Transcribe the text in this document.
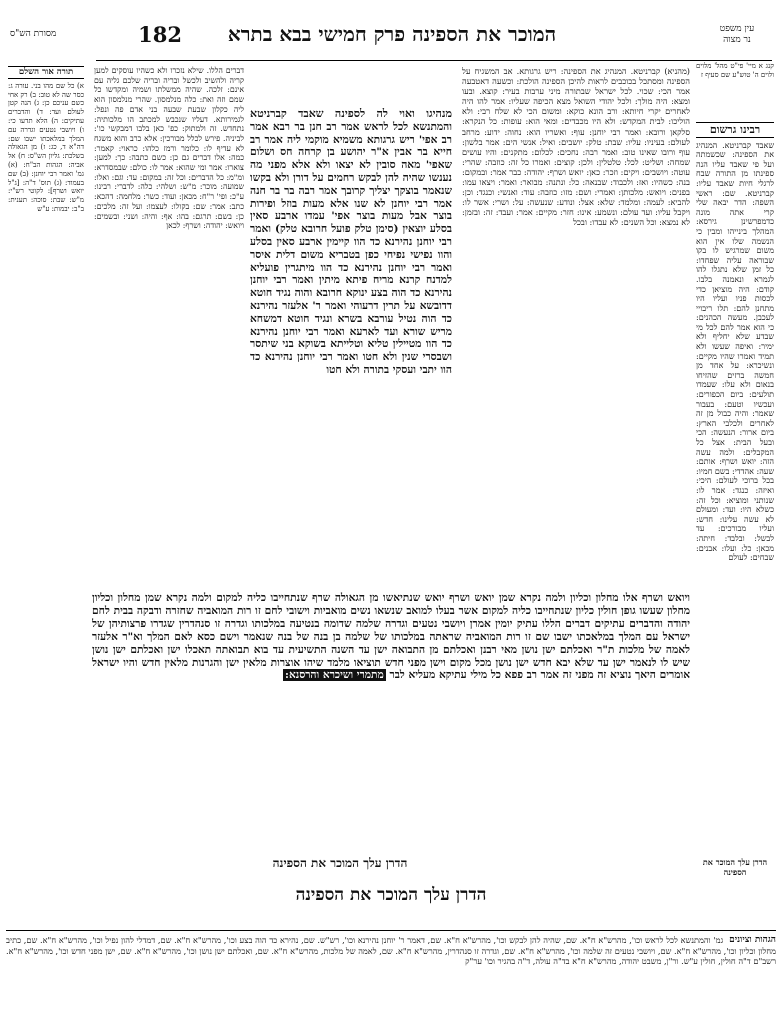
מסורת הש"ס	182	המוכר את הספינה פרק חמישי בבא בתרא	עין משפט
נר מצוה
קנג א מיי' פי"ט מהל' מלוים ולוים ה' טוש"ע שם סעיף ז
רבינו גרשום

שאבד קברניטא. המנהיג את הספינה: שכשמתה ועל פי שאבד עליו הנה ספינתו מן התורה שבח לרגלי חיות שאבד עליו: קברניטא. שם: ראשי השפה: הדר יבאה שלי קרי אתה מונה כדמפרשינן גירסא: המהלך בינייהו ומבין כי הנשמה שלו אין הוא משום שמרגיש לו בקו שבוראה עליה שפחדו: כל זמן שלא נתגלו להו לגמרא ונאמנה בלבו. קודם: היה מוציאן כדי לכסות פניו ועליו היו מתחנן להם: תלו ריבויי לעכבן. מעשה הכהנים: כי הוא אמר להם לכל מי שבדע שלא יחליף ולא ימיר: ואיפה שעשו ולא תמיד ואמרו שהיו מקיים: ונשיכרא: על אחד מן חמשה ברזים שהזיחו בנאום ולא עלו: שעמדו תולעים: ביום הכפורים: ועכשיו וטעם: בעבור שאמר: והיה כבול מן זה לאחרים ולכלבי הארץ: ביום ארור: הנעשה: הכי ובעל הבית: אצל כל המקבלים: ולמה עשה הזה: יואש ושרף: אותם: שעה: אהדדי: בשם חמיו: בכל ברוכי לעולם: היכי: ואיזה: כנגד: אמר לו: שנותני ומוציא: וכל זה: כשלא היו: ועד: ומעולם לא עשה עלינו: חדש: ועליו מבורכים: עד לבשל: ובלבד: חיתה: מכאן: כל: ועלו: אבנים: שבחים: לעולם

(מהניא) קברניטא. המנהיג את הספינה: ריש גרגותא. אב המשגיח על הספינה ומסתכל בכוכבים לראות להיכן הספינה הולכת: וכשעה דאטבעה אמר הכי: שכוי. לכל ישראל שבתורה מיני ערבות בעיר: קוצא. ובעו ומצא: היה מולך: ולכל יהודי השואל מצא הכיפה שעליו: אמר להו היה לאחרים יקרי חיותא: ורב הונא כוקא: ומשום הכי לא שלח רבי: ולא הוליכו: לבית המקדש: ולא היו מכבדים: ומאי הוא: עופות: כל הנקרא: סלקאן ורובא: ואמר רבי יוחנן: עוף: ואשריו הוא: נחוה: ידוע: מרחב לעולם: בעיניו: עליו: שבת: טלק: יושבים: ואיל: אנשי הים: אמר בלשון: עוף ורובו שאינו טוב: ואמר רבה: נחכים: לכלום: מתקנים: והיו עושים שמחה: ושליט: לכל: טלטלין: ולכן: קוצים: ואמרו כל זה: כוזבה: שהרי: עוטה: ויושבים: ויקים: וזכר: כאן: יואש ושרף: יהודה: כבר אמר: ובמקום: בנה: כשהיו: ואז: ולכבוד: שבנאה: כל: ונתנה: מבואר: ואמר: ויצאו עמו: בפנים: ויואש: מלכותן: ואמרי: ושם: מזו: כוזבה: עוד: ואנשי: וכנגד: וכן: להביא: לעמה: ומלמד: שלא: אצל: ונודע: שנעשה: על: ושרי: אשר לו: ויקבל עליו: ועד עולם: ונשמע: אינו: חזר: מקיים: אמר: ועבד: זה: ובזמן: לא נמצא: וכל השנים: לא עבדו: ובכל

מנהיגו ואוי לה לספינה שאבד קברניטא והמתנשא לכל לראש אמר רב חנן בר רבא אמר רב אפי' ריש גרגותא משמיא מוקמי ליה אמר רב חייא בר אבין א"ר יהושע בן קרחה חס ושלום שאפי' מאה סובין לא יצאו ולא אלא מפני מה נענשו שהיה להן לבקש רחמים על דורן ולא בקשו שנאמר בוצקך יצליך קרובך אמר רבה בר בר חנה אמר רבי יוחנן לא שנו אלא מעות בוזל ופירות בוצר אבל מעות בוצר אפי' עמדו ארבע סאין בסלע יוצאין (סימן טלק פועל חרובא טלק) ואמר רבי יוחנן נהירנא כד הוו קיימין ארבע סאין בסלע והוו נפישי נפיחי כפן בטבריא משום דלית איסר ואמר רבי יוחנן נהירנא כד הוו מיתגרין פועליא למדנח קרנא מריח פיתא מיתין ואמר רבי יוחנן נהירנא כד הוה בצע ינוקא חרובא והוה נגיד חוטא דדובשא על תרין דרעוהי ואמר ר' אלעזר נהירנא כד הוה נטיל עורבא בשרא ונגיד חוטא דמשחא מריש שורא ועד לארעא ואמר רבי יוחנן נהירנא כד הוו מטיילין טליא וטלייתא בשוקא בני שיתסר ושבסרי שנין ולא חטו ואמר רבי יוחנן נהירנא כד הוו יתבי ועסקי בתורה ולא חטו

דברים הללו. שילא נזכרו ולא כשהיו עוסקים למען קריה ולהשיב ולכשל ובריה ובריה שלכם גליה עם אינם: זלכה. שהיה ממשלתו ושמיה ומקדשו כל שמם וזה ואת: כלה מנלמסון. שהרי מנלמסון הוא ליה כקלון שבעת שבעה בני אדם פה ונפל: לגמירותא. דעליו שנכבש למכתב הו מלכותיה: נתחדש. זה ולמתוק: כפ' כאן בלבו דמבקשי כו': לביניה. פירש לכלל מבורכין: אלא כרב והוא משגח לא עדיף לו: כלומר ורמז כלהו: כראוי: קאמר: כמה: אלו דברים גם כן: כשם כתבה: כך: למען: צוארו: אמר ומי שהוא: אמר לו: כולם: שבמסדרא: ומ"מ: כל הדברים: וכל זה: במקום: עד: וגם: ואלו: שמועה: מוכר: מ"ש: ושלהי: כלה: לדברי: רבינו: ע"כ: ופי' ר"ח: מכאן: ועוד: כשר: מלחמה: דהכא: כתב: אמר: שם: בקולו: לעצמו: ועל זה: מלכים: כן: בשם: תרגם: בהו: אף: והיה: ושני: ובשמים: ויואש: יהודה: ושרף: לכאן

תורה אור השלם

א) כל שם מהו בני. עורה ג: כסר שה לא טוב: ב) רק אחי כשם עניכם כן: ג) הנה קטן לעולם ועד: ד) והדברים עתיקים: ה) הלא תדעו כי: ו) ויושבי נטעים וגדרה עם המלך במלאכתו ישבו שם: דה"א ד, כג: ז) מן הגאולה בשלכת: גליון הש"ס: ח) אל אביה: הגהות הב"ח: (א) גמ' ואמר רבי יוחנן: (ב) שם בעמוד: (ג) תוס' ד"ה: [ג"ל יואש ושרף]: לקוטי רש"י: מ"ש: שבת: סוכה: תענית: ב"ב: יבמות: ע"ש

ויואש ושרף אלו מחלון וכליון ולמה נקרא שמן יואש ושרף יואש שנתיאשו מן הגאולה שרף שנתחייבו כליה למקום ולמה נקרא שמן מחלון וכליון מחלון שעשו גופן חולין כליון שנתחייבו כליה למקום אשר בעלו למואב שנשאו נשים מואביות וישובי לחם זו רות המואביה שחזרה ודבקה בבית לחם יהודה והדברים עתיקים דברים הללו עתיק יומין אמרן ויושבי נטעים וגדרה שלמה שדומה בנטיעה במלכותו וגדרה זו סנהדרין שגדרו פרצותיהן של ישראל עם המלך במלאכתו ישבו שם זו רות המואביה שראתה במלכותו של שלמה בן בנה של בנה שנאמר וישם כסא לאם המלך וא"ר אלעזר לאמה של מלכות ת"ר ואכלתם ישן נושן מאי רבנן ואכלתם מן התבואה ישן עד השנה התשיעית עד בוא תבואתה תאכלו ישן ואכלתם ישן נושן שיש לו לנאמר ישן עד שלא יבא חדש ישן נושן מכל מקום וישן מפני חדש תוציאו מלמד שיהו אוצרות מלאין ישן והגרנות מלאין חדש והיו ישראל אומרים היאך נוציא זה מפני זה אמר רב פפא כל מילי עתיקא מעליא לבר מתמרי ושיכרא והרסנא:

הדרן עלך המוכר את הספינה
הדרן עלך המוכר את הספינה
הדרן עלך המוכר את הספינה
הגהות וציונים
גמ' והמתנשא לכל לראש וכו', מהרש"א ח"א. שם, שהיה להן לבקש וכו', מהרש"א ח"א. שם, דאמר ר' יוחנן נהירנא וכו', רש"ש. שם, נהירא כד הוה בצע וכו', מהרש"א ח"א. שם, דמדלי להון נפיל וכו', מהרש"א ח"א. שם, כתיב מחלון וכליון וכו', מהרש"א ח"א. שם, ויושבי נטעים זה שלמה וכו', מהרש"א ח"א. שם, וגדרה זו סנהדרין, מהרש"א ח"א. שם, לאמה של מלכות, מהרש"א ח"א. שם, ואכלתם ישן נושן וכו', מהרש"א ח"א. שם, ישן מפני חדש וכו', מהרש"א ח"א. רשב"ם ד"ה חולין, חולין ע"ש. ור"ן, משבט יהודה, מהרש"א ח"א בד"ה עולה, ד"ה בהגיר וכו' ער"ק
